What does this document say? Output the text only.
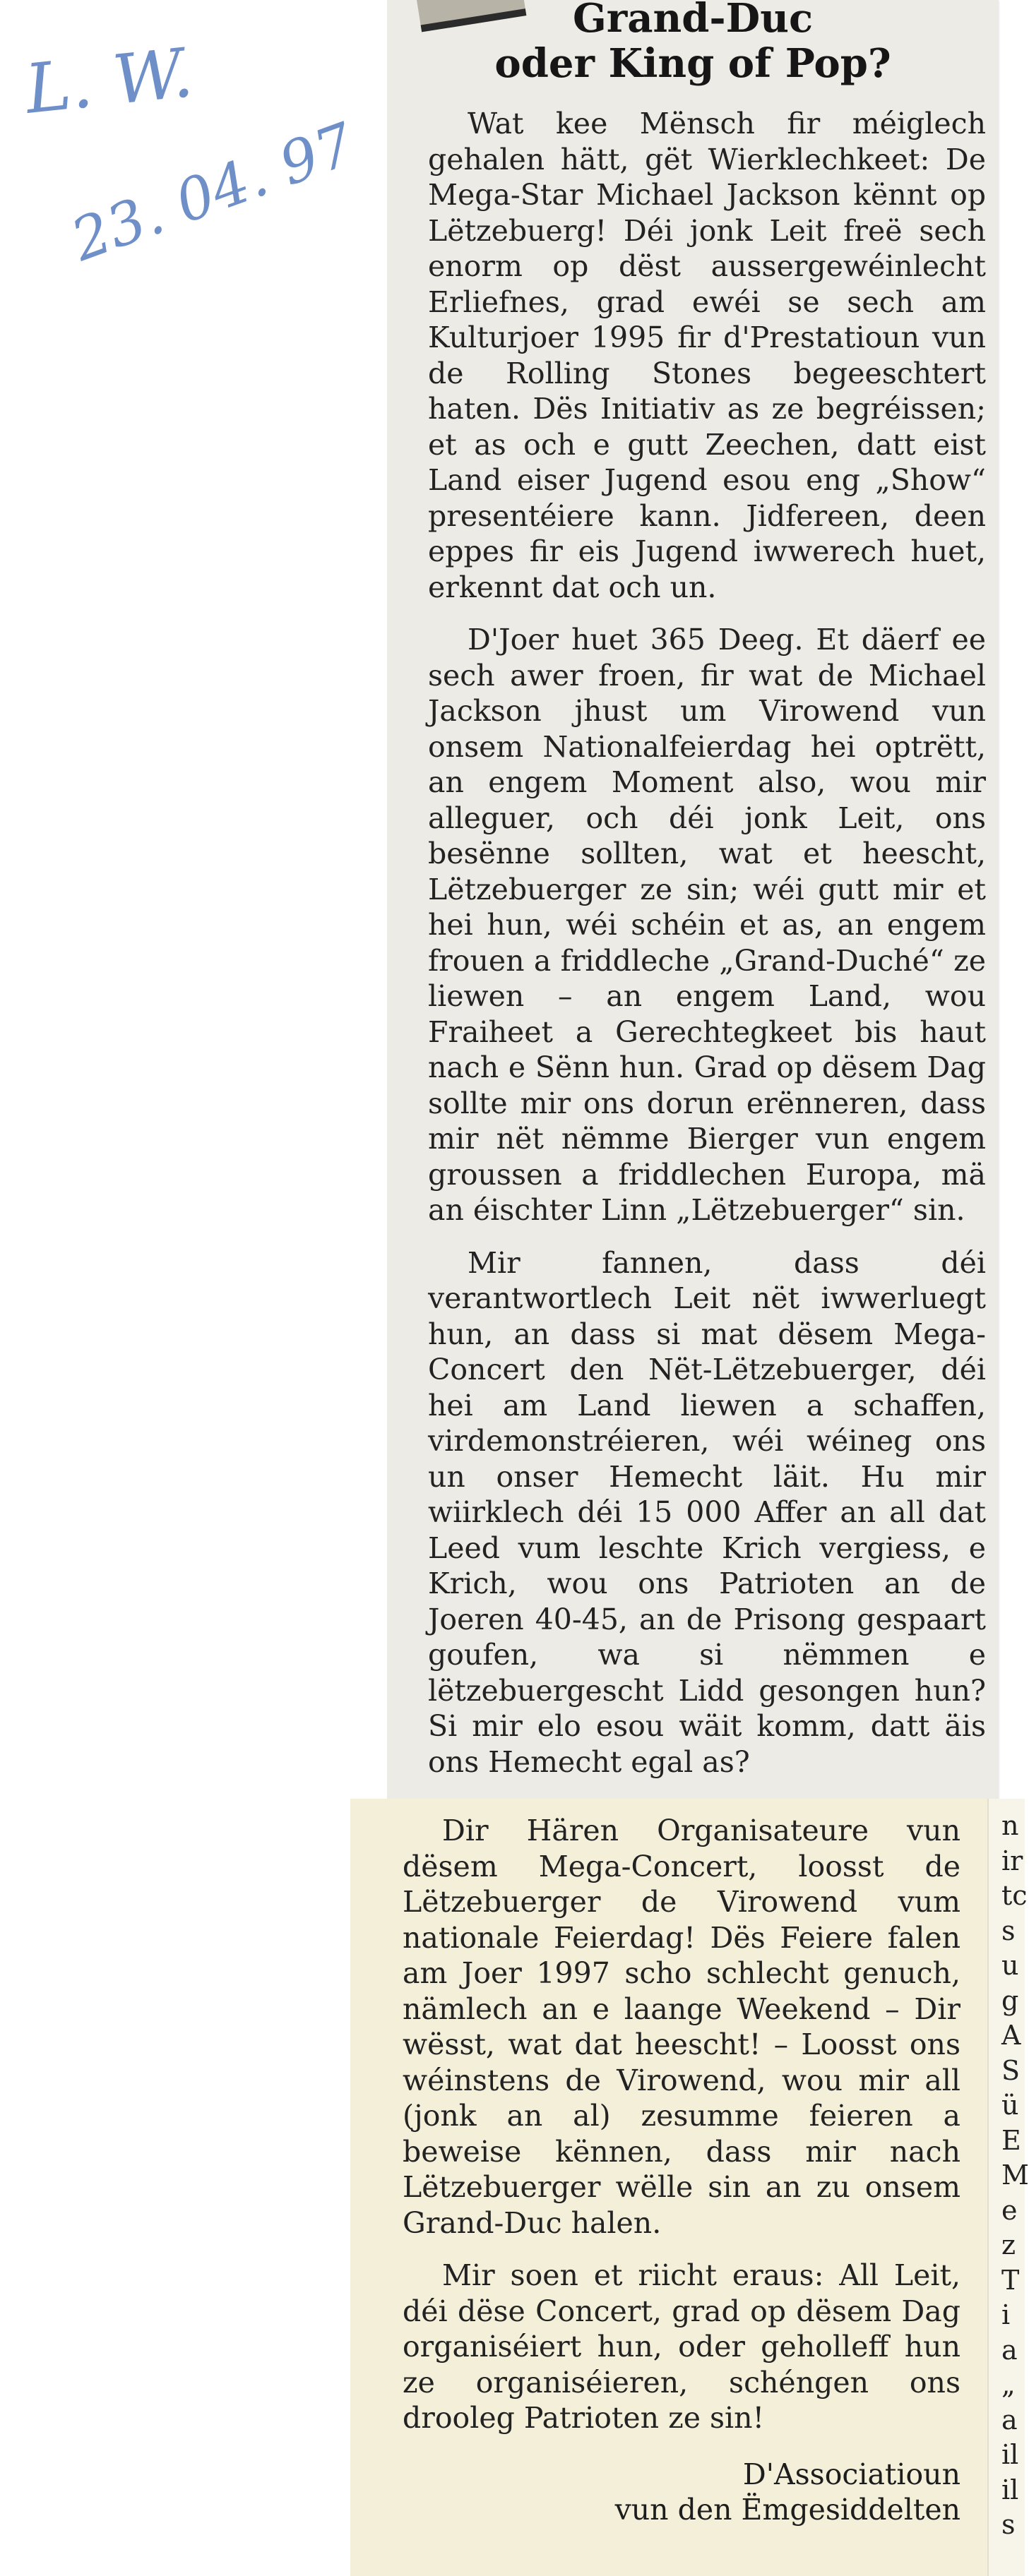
L. W.
23. 04. 97
Grand-Duc
oder King of Pop?

Wat kee Mënsch fir méiglech gehalen hätt, gët Wierklechkeet: De Mega-Star Michael Jackson kënnt op Lëtzebuerg! Déi jonk Leit freë sech enorm op dëst aussergewéinlecht Erliefnes, grad ewéi se sech am Kulturjoer 1995 fir d'Prestatioun vun de Rolling Stones begeeschtert haten. Dës Initiativ as ze begréissen; et as och e gutt Zeechen, datt eist Land eiser Jugend esou eng „Show“ presentéiere kann. Jidfereen, deen eppes fir eis Jugend iwwerech huet, erkennt dat och un.

D'Joer huet 365 Deeg. Et däerf ee sech awer froen, fir wat de Michael Jackson jhust um Virowend vun onsem Nationalfeierdag hei optrëtt, an engem Moment also, wou mir alleguer, och déi jonk Leit, ons besënne sollten, wat et heescht, Lëtzebuerger ze sin; wéi gutt mir et hei hun, wéi schéin et as, an engem frouen a friddleche „Grand-Duché“ ze liewen – an engem Land, wou Fraiheet a Gerechtegkeet bis haut nach e Sënn hun. Grad op dësem Dag sollte mir ons dorun erënneren, dass mir nët nëmme Bierger vun engem groussen a friddlechen Europa, mä an éischter Linn „Lëtzebuerger“ sin.

Mir fannen, dass déi verantwortlech Leit nët iwwerluegt hun, an dass si mat dësem Mega-Concert den Nët-Lëtzebuerger, déi hei am Land liewen a schaffen, virdemonstréieren, wéi wéineg ons un onser Hemecht läit. Hu mir wiirklech déi 15 000 Affer an all dat Leed vum leschte Krich vergiess, e Krich, wou ons Patrioten an de Joeren 40-45, an de Prisong gespaart goufen, wa si nëmmen e lëtzebuergescht Lidd gesongen hun? Si mir elo esou wäit komm, datt äis ons Hemecht egal as?

Dir Hären Organisateure vun dësem Mega-Concert, loosst de Lëtzebuerger de Virowend vum nationale Feierdag! Dës Feiere falen am Joer 1997 scho schlecht genuch, nämlech an e laange Weekend – Dir wësst, wat dat heescht! – Loosst ons wéinstens de Virowend, wou mir all (jonk an al) zesumme feieren a beweise kënnen, dass mir nach Lëtzebuerger wëlle sin an zu onsem Grand-Duc halen.

Mir soen et riicht eraus: All Leit, déi dëse Concert, grad op dësem Dag organiséiert hun, oder geholleff hun ze organiséieren, schéngen ons drooleg Patrioten ze sin!

D'Associatioun
vun den Ëmgesiddelten
n
ir
tc
s
u
g
A
S
ü
E
M
e
z
T
i
a
„
a
il
il
s
